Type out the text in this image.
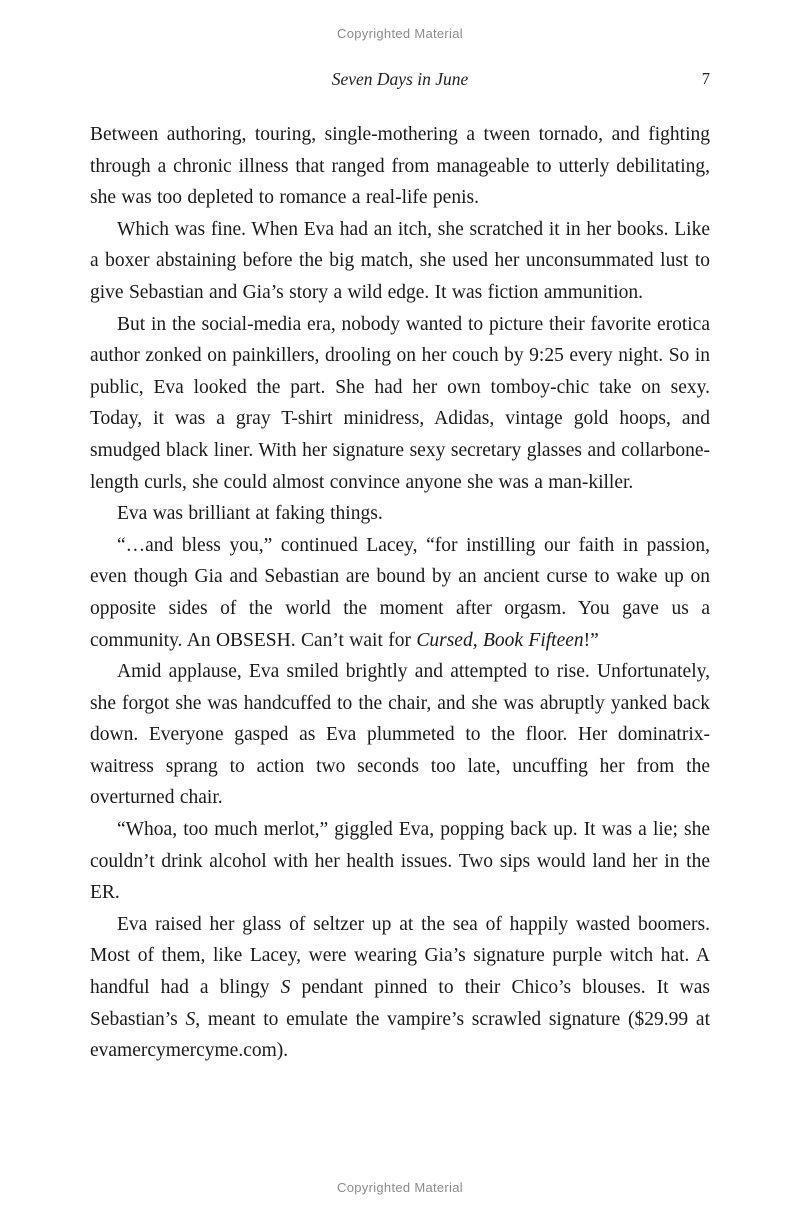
Copyrighted Material
Seven Days in June	7

Between authoring, touring, single-mothering a tween tornado, and fighting through a chronic illness that ranged from manageable to utterly debilitating, she was too depleted to romance a real-life penis.

Which was fine. When Eva had an itch, she scratched it in her books. Like a boxer abstaining before the big match, she used her unconsummated lust to give Sebastian and Gia’s story a wild edge. It was fiction ammunition.

But in the social-media era, nobody wanted to picture their favorite erotica author zonked on painkillers, drooling on her couch by 9:25 every night. So in public, Eva looked the part. She had her own tomboy-chic take on sexy. Today, it was a gray T-shirt minidress, Adidas, vintage gold hoops, and smudged black liner. With her signature sexy secretary glasses and collarbone-length curls, she could almost convince anyone she was a man-killer.

Eva was brilliant at faking things.

“…and bless you,” continued Lacey, “for instilling our faith in passion, even though Gia and Sebastian are bound by an ancient curse to wake up on opposite sides of the world the moment after orgasm. You gave us a community. An OBSESH. Can’t wait for Cursed, Book Fifteen!”

Amid applause, Eva smiled brightly and attempted to rise. Unfortunately, she forgot she was handcuffed to the chair, and she was abruptly yanked back down. Everyone gasped as Eva plummeted to the floor. Her dominatrix-waitress sprang to action two seconds too late, uncuffing her from the overturned chair.

“Whoa, too much merlot,” giggled Eva, popping back up. It was a lie; she couldn’t drink alcohol with her health issues. Two sips would land her in the ER.

Eva raised her glass of seltzer up at the sea of happily wasted boomers. Most of them, like Lacey, were wearing Gia’s signature purple witch hat. A handful had a blingy S pendant pinned to their Chico’s blouses. It was Sebastian’s S, meant to emulate the vampire’s scrawled signature ($29.99 at evamercymercyme.com).

Copyrighted Material
